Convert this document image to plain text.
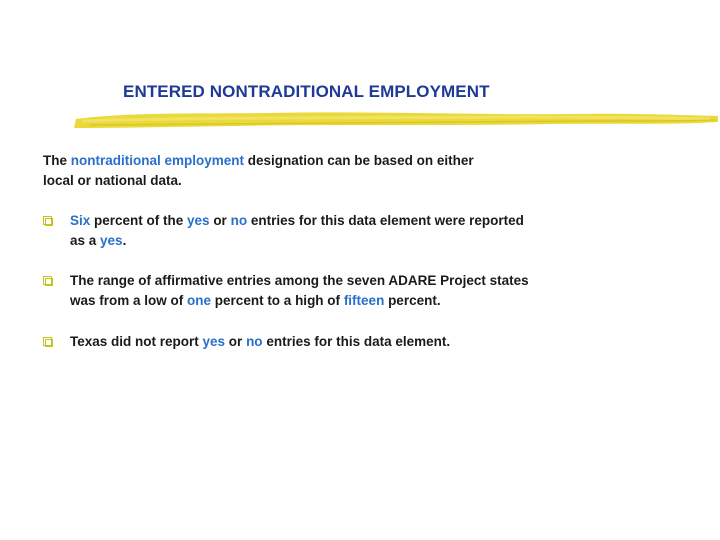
ENTERED NONTRADITIONAL EMPLOYMENT
The nontraditional employment designation can be based on either
local or national data.
Six percent of the yes or no entries for this data element were reported
as a yes.
The range of affirmative entries among the seven ADARE Project states
was from a low of one percent to a high of fifteen percent.
Texas did not report yes or no entries for this data element.
